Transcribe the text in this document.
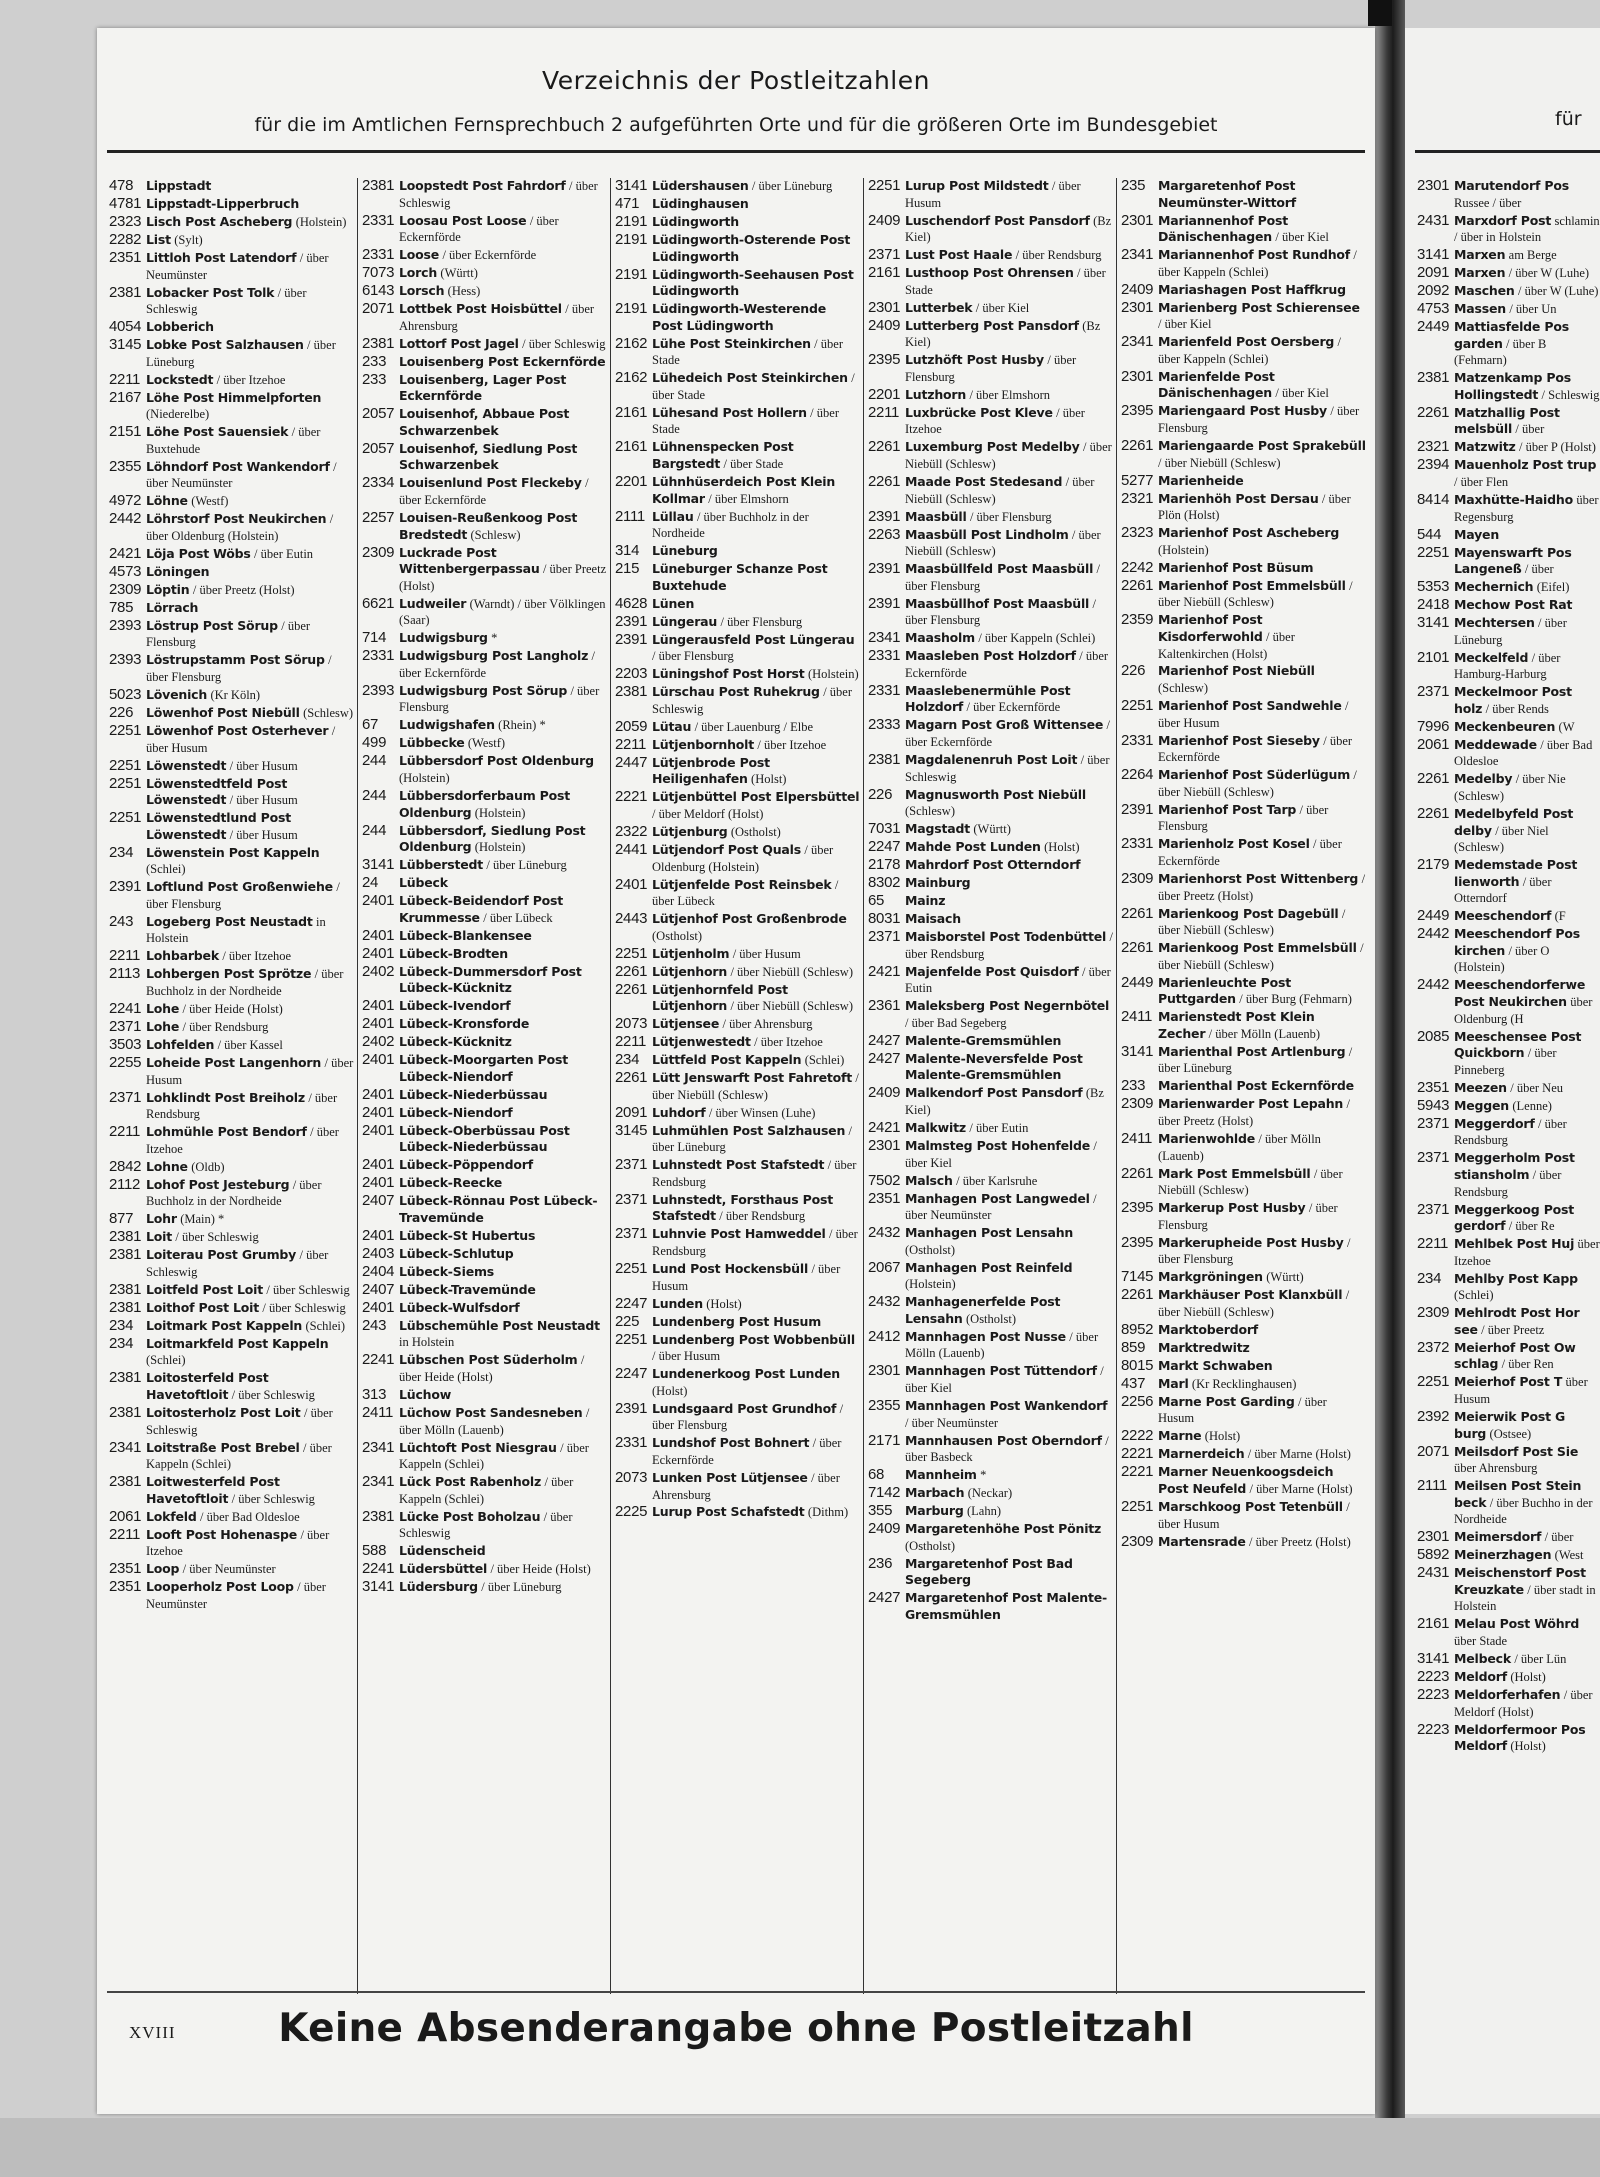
Verzeichnis der Postleitzahlen
für die im Amtlichen Fernsprechbuch 2 aufgeführten Orte und für die größeren Orte im Bundesgebiet
478	Lippstadt
4781 Lippstadt-Lipperbruch
2323 Lisch Post Ascheberg (Holstein)
2282 List (Sylt)
2351 Littloh Post Latendorf / über Neumünster
2381 Lobacker Post Tolk / über Schleswig
4054 Lobberich
3145 Lobke Post Salzhausen / über Lüneburg
2211 Lockstedt / über Itzehoe
2167 Löhe Post Himmelpforten (Niederelbe)
2151 Löhe Post Sauensiek / über Buxtehude
2355 Löhndorf Post Wankendorf / über Neumünster
4972 Löhne (Westf)
2442 Löhrstorf Post Neukirchen / über Oldenburg (Holstein)
2421 Löja Post Wöbs / über Eutin
4573 Löningen
2309 Löptin / über Preetz (Holst)
785	Lörrach
2393 Löstrup Post Sörup / über Flensburg
2393 Löstrupstamm Post Sörup / über Flensburg
5023 Lövenich (Kr Köln)
226	Löwenhof Post Niebüll (Schlesw)
2251 Löwenhof Post Osterhever / über Husum
2251 Löwenstedt / über Husum
2251 Löwenstedtfeld Post Löwenstedt / über Husum
2251 Löwenstedtlund Post Löwenstedt / über Husum
234	Löwenstein Post Kappeln (Schlei)
2391 Loftlund Post Großenwiehe / über Flensburg
243	Logeberg Post Neustadt in Holstein
2211 Lohbarbek / über Itzehoe
2113 Lohbergen Post Sprötze / über Buchholz in der Nordheide
2241 Lohe / über Heide (Holst)
2371 Lohe / über Rendsburg
3503 Lohfelden / über Kassel
2255 Loheide Post Langenhorn / über Husum
2371 Lohklindt Post Breiholz / über Rendsburg
2211 Lohmühle Post Bendorf / über Itzehoe
2842 Lohne (Oldb)
2112 Lohof Post Jesteburg / über Buchholz in der Nordheide
877	Lohr (Main) *
2381 Loit / über Schleswig
2381 Loiterau Post Grumby / über Schleswig
2381 Loitfeld Post Loit / über Schleswig
2381 Loithof Post Loit / über Schleswig
234	Loitmark Post Kappeln (Schlei)
234	Loitmarkfeld Post Kappeln (Schlei)
2381 Loitosterfeld Post Havetoftloit / über Schleswig
2381 Loitosterholz Post Loit / über Schleswig
2341 Loitstraße Post Brebel / über Kappeln (Schlei)
2381 Loitwesterfeld Post Havetoftloit / über Schleswig
2061 Lokfeld / über Bad Oldesloe
2211 Looft Post Hohenaspe / über Itzehoe
2351 Loop / über Neumünster
2351 Looperholz Post Loop / über Neumünster
2381 Loopstedt Post Fahrdorf / über Schleswig
2331 Loosau Post Loose / über Eckernförde
2331 Loose / über Eckernförde
7073 Lorch (Württ)
6143 Lorsch (Hess)
2071 Lottbek Post Hoisbüttel / über Ahrensburg
2381 Lottorf Post Jagel / über Schleswig
233	Louisenberg Post Eckernförde
233	Louisenberg, Lager Post Eckernförde
2057 Louisenhof, Abbaue Post Schwarzenbek
2057 Louisenhof, Siedlung Post Schwarzenbek
2334 Louisenlund Post Fleckeby / über Eckernförde
2257 Louisen-Reußenkoog Post Bredstedt (Schlesw)
2309 Luckrade Post Wittenbergerpassau / über Preetz (Holst)
6621 Ludweiler (Warndt) / über Völklingen (Saar)
714	Ludwigsburg *
2331 Ludwigsburg Post Langholz / über Eckernförde
2393 Ludwigsburg Post Sörup / über Flensburg
67	Ludwigshafen (Rhein) *
499	Lübbecke (Westf)
244	Lübbersdorf Post Oldenburg (Holstein)
244	Lübbersdorferbaum Post Oldenburg (Holstein)
244	Lübbersdorf, Siedlung Post Oldenburg (Holstein)
3141 Lübberstedt / über Lüneburg
24	Lübeck
2401 Lübeck-Beidendorf Post Krummesse / über Lübeck
2401 Lübeck-Blankensee
2401 Lübeck-Brodten
2402 Lübeck-Dummersdorf Post Lübeck-Kücknitz
2401 Lübeck-Ivendorf
2401 Lübeck-Kronsforde
2402 Lübeck-Kücknitz
2401 Lübeck-Moorgarten Post Lübeck-Niendorf
2401 Lübeck-Niederbüssau
2401 Lübeck-Niendorf
2401 Lübeck-Oberbüssau Post Lübeck-Niederbüssau
2401 Lübeck-Pöppendorf
2401 Lübeck-Reecke
2407 Lübeck-Rönnau Post Lübeck-Travemünde
2401 Lübeck-St Hubertus
2403 Lübeck-Schlutup
2404 Lübeck-Siems
2407 Lübeck-Travemünde
2401 Lübeck-Wulfsdorf
243	Lübschemühle Post Neustadt in Holstein
2241 Lübschen Post Süderholm / über Heide (Holst)
313	Lüchow
2411 Lüchow Post Sandesneben / über Mölln (Lauenb)
2341 Lüchtoft Post Niesgrau / über Kappeln (Schlei)
2341 Lück Post Rabenholz / über Kappeln (Schlei)
2381 Lücke Post Boholzau / über Schleswig
588	Lüdenscheid
2241 Lüdersbüttel / über Heide (Holst)
3141 Lüdersburg / über Lüneburg
3141 Lüdershausen / über Lüneburg
471	Lüdinghausen
2191 Lüdingworth
2191 Lüdingworth-Osterende Post Lüdingworth
2191 Lüdingworth-Seehausen Post Lüdingworth
2191 Lüdingworth-Westerende Post Lüdingworth
2162 Lühe Post Steinkirchen / über Stade
2162 Lühedeich Post Steinkirchen / über Stade
2161 Lühesand Post Hollern / über Stade
2161 Lühnenspecken Post Bargstedt / über Stade
2201 Lühnhüserdeich Post Klein Kollmar / über Elmshorn
2111 Lüllau / über Buchholz in der Nordheide
314	Lüneburg
215	Lüneburger Schanze Post Buxtehude
4628 Lünen
2391 Lüngerau / über Flensburg
2391 Lüngerausfeld Post Lüngerau / über Flensburg
2203 Lüningshof Post Horst (Holstein)
2381 Lürschau Post Ruhekrug / über Schleswig
2059 Lütau / über Lauenburg / Elbe
2211 Lütjenbornholt / über Itzehoe
2447 Lütjenbrode Post Heiligenhafen (Holst)
2221 Lütjenbüttel Post Elpersbüttel / über Meldorf (Holst)
2322 Lütjenburg (Ostholst)
2441 Lütjendorf Post Quals / über Oldenburg (Holstein)
2401 Lütjenfelde Post Reinsbek / über Lübeck
2443 Lütjenhof Post Großenbrode (Ostholst)
2251 Lütjenholm / über Husum
2261 Lütjenhorn / über Niebüll (Schlesw)
2261 Lütjenhornfeld Post Lütjenhorn / über Niebüll (Schlesw)
2073 Lütjensee / über Ahrensburg
2211 Lütjenwestedt / über Itzehoe
234	Lüttfeld Post Kappeln (Schlei)
2261 Lütt Jenswarft Post Fahretoft / über Niebüll (Schlesw)
2091 Luhdorf / über Winsen (Luhe)
3145 Luhmühlen Post Salzhausen / über Lüneburg
2371 Luhnstedt Post Stafstedt / über Rendsburg
2371 Luhnstedt, Forsthaus Post Stafstedt / über Rendsburg
2371 Luhnvie Post Hamweddel / über Rendsburg
2251 Lund Post Hockensbüll / über Husum
2247 Lunden (Holst)
225	Lundenberg Post Husum
2251 Lundenberg Post Wobbenbüll / über Husum
2247 Lundenerkoog Post Lunden (Holst)
2391 Lundsgaard Post Grundhof / über Flensburg
2331 Lundshof Post Bohnert / über Eckernförde
2073 Lunken Post Lütjensee / über Ahrensburg
2225 Lurup Post Schafstedt (Dithm)
2251 Lurup Post Mildstedt / über Husum
2409 Luschendorf Post Pansdorf (Bz Kiel)
2371 Lust Post Haale / über Rendsburg
2161 Lusthoop Post Ohrensen / über Stade
2301 Lutterbek / über Kiel
2409 Lutterberg Post Pansdorf (Bz Kiel)
2395 Lutzhöft Post Husby / über Flensburg
2201 Lutzhorn / über Elmshorn
2211 Luxbrücke Post Kleve / über Itzehoe
2261 Luxemburg Post Medelby / über Niebüll (Schlesw)
2261 Maade Post Stedesand / über Niebüll (Schlesw)
2391 Maasbüll / über Flensburg
2263 Maasbüll Post Lindholm / über Niebüll (Schlesw)
2391 Maasbüllfeld Post Maasbüll / über Flensburg
2391 Maasbüllhof Post Maasbüll / über Flensburg
2341 Maasholm / über Kappeln (Schlei)
2331 Maasleben Post Holzdorf / über Eckernförde
2331 Maaslebenermühle Post Holzdorf / über Eckernförde
2333 Magarn Post Groß Wittensee / über Eckernförde
2381 Magdalenenruh Post Loit / über Schleswig
226	Magnusworth Post Niebüll (Schlesw)
7031 Magstadt (Württ)
2247 Mahde Post Lunden (Holst)
2178 Mahrdorf Post Otterndorf
8302 Mainburg
65	Mainz
8031 Maisach
2371 Maisborstel Post Todenbüttel / über Rendsburg
2421 Majenfelde Post Quisdorf / über Eutin
2361 Maleksberg Post Negernbötel / über Bad Segeberg
2427 Malente-Gremsmühlen
2427 Malente-Neversfelde Post Malente-Gremsmühlen
2409 Malkendorf Post Pansdorf (Bz Kiel)
2421 Malkwitz / über Eutin
2301 Malmsteg Post Hohenfelde / über Kiel
7502 Malsch / über Karlsruhe
2351 Manhagen Post Langwedel / über Neumünster
2432 Manhagen Post Lensahn (Ostholst)
2067 Manhagen Post Reinfeld (Holstein)
2432 Manhagenerfelde Post Lensahn (Ostholst)
2412 Mannhagen Post Nusse / über Mölln (Lauenb)
2301 Mannhagen Post Tüttendorf / über Kiel
2355 Mannhagen Post Wankendorf / über Neumünster
2171 Mannhausen Post Oberndorf / über Basbeck
68	Mannheim *
7142 Marbach (Neckar)
355	Marburg (Lahn)
2409 Margaretenhöhe Post Pönitz (Ostholst)
236	Margaretenhof Post Bad Segeberg
2427 Margaretenhof Post Malente-Gremsmühlen
235	Margaretenhof Post Neumünster-Wittorf
2301 Mariannenhof Post Dänischenhagen / über Kiel
2341 Mariannenhof Post Rundhof / über Kappeln (Schlei)
2409 Mariashagen Post Haffkrug
2301 Marienberg Post Schierensee / über Kiel
2341 Marienfeld Post Oersberg / über Kappeln (Schlei)
2301 Marienfelde Post Dänischenhagen / über Kiel
2395 Mariengaard Post Husby / über Flensburg
2261 Mariengaarde Post Sprakebüll / über Niebüll (Schlesw)
5277 Marienheide
2321 Marienhöh Post Dersau / über Plön (Holst)
2323 Marienhof Post Ascheberg (Holstein)
2242 Marienhof Post Büsum
2261 Marienhof Post Emmelsbüll / über Niebüll (Schlesw)
2359 Marienhof Post Kisdorferwohld / über Kaltenkirchen (Holst)
226	Marienhof Post Niebüll (Schlesw)
2251 Marienhof Post Sandwehle / über Husum
2331 Marienhof Post Sieseby / über Eckernförde
2264 Marienhof Post Süderlügum / über Niebüll (Schlesw)
2391 Marienhof Post Tarp / über Flensburg
2331 Marienholz Post Kosel / über Eckernförde
2309 Marienhorst Post Wittenberg / über Preetz (Holst)
2261 Marienkoog Post Dagebüll / über Niebüll (Schlesw)
2261 Marienkoog Post Emmelsbüll / über Niebüll (Schlesw)
2449 Marienleuchte Post Puttgarden / über Burg (Fehmarn)
2411 Marienstedt Post Klein Zecher / über Mölln (Lauenb)
3141 Marienthal Post Artlenburg / über Lüneburg
233	Marienthal Post Eckernförde
2309 Marienwarder Post Lepahn / über Preetz (Holst)
2411 Marienwohlde / über Mölln (Lauenb)
2261 Mark Post Emmelsbüll / über Niebüll (Schlesw)
2395 Markerup Post Husby / über Flensburg
2395 Markerupheide Post Husby / über Flensburg
7145 Markgröningen (Württ)
2261 Markhäuser Post Klanxbüll / über Niebüll (Schlesw)
8952 Marktoberdorf
859	Marktredwitz
8015 Markt Schwaben
437	Marl (Kr Recklinghausen)
2256 Marne Post Garding / über Husum
2222 Marne (Holst)
2221 Marnerdeich / über Marne (Holst)
2221 Marner Neuenkoogsdeich Post Neufeld / über Marne (Holst)
2251 Marschkoog Post Tetenbüll / über Husum
2309 Martensrade / über Preetz (Holst)
XVIII	Keine Absenderangabe ohne Postleitzahl
für
2301 Marutendorf Pos Russee / über
2431 Marxdorf Post schlamin / über in Holstein
3141 Marxen am Berge
2091 Marxen / über W (Luhe)
2092 Maschen / über W (Luhe)
4753 Massen / über Un
2449 Mattiasfelde Pos garden / über B (Fehmarn)
2381 Matzenkamp Pos Hollingstedt / Schleswig
2261 Matzhallig Post melsbüll / über
2321 Matzwitz / über P (Holst)
2394 Mauenholz Post trup / über Flen
8414 Maxhütte-Haidho über Regensburg
544	Mayen
2251 Mayenswarft Pos Langeneß / über
5353 Mechernich (Eifel)
2418 Mechow Post Rat
3141 Mechtersen / über Lüneburg
2101 Meckelfeld / über Hamburg-Harburg
2371 Meckelmoor Post holz / über Rends
7996 Meckenbeuren (W
2061 Meddewade / über Bad Oldesloe
2261 Medelby / über Nie (Schlesw)
2261 Medelbyfeld Post delby / über Niel (Schlesw)
2179 Medemstade Post lienworth / über Otterndorf
2449 Meeschendorf (F
2442 Meeschendorf Pos kirchen / über O (Holstein)
2442 Meeschendorferwe Post Neukirchen über Oldenburg (H
2085 Meeschensee Post Quickborn / über Pinneberg
2351 Meezen / über Neu
5943 Meggen (Lenne)
2371 Meggerdorf / über Rendsburg
2371 Meggerholm Post stiansholm / über Rendsburg
2371 Meggerkoog Post gerdorf / über Re
2211 Mehlbek Post Huj über Itzehoe
234	Mehlby Post Kapp (Schlei)
2309 Mehlrodt Post Hor see / über Preetz
2372 Meierhof Post Ow schlag / über Ren
2251 Meierhof Post T über Husum
2392 Meierwik Post G burg (Ostsee)
2071 Meilsdorf Post Sie über Ahrensburg
2111 Meilsen Post Stein beck / über Buchho in der Nordheide
2301 Meimersdorf / über
5892 Meinerzhagen (West
2431 Meischenstorf Post Kreuzkate / über stadt in Holstein
2161 Melau Post Wöhrd über Stade
3141 Melbeck / über Lün
2223 Meldorf (Holst)
2223 Meldorferhafen / über Meldorf (Holst)
2223 Meldorfermoor Pos Meldorf (Holst)
